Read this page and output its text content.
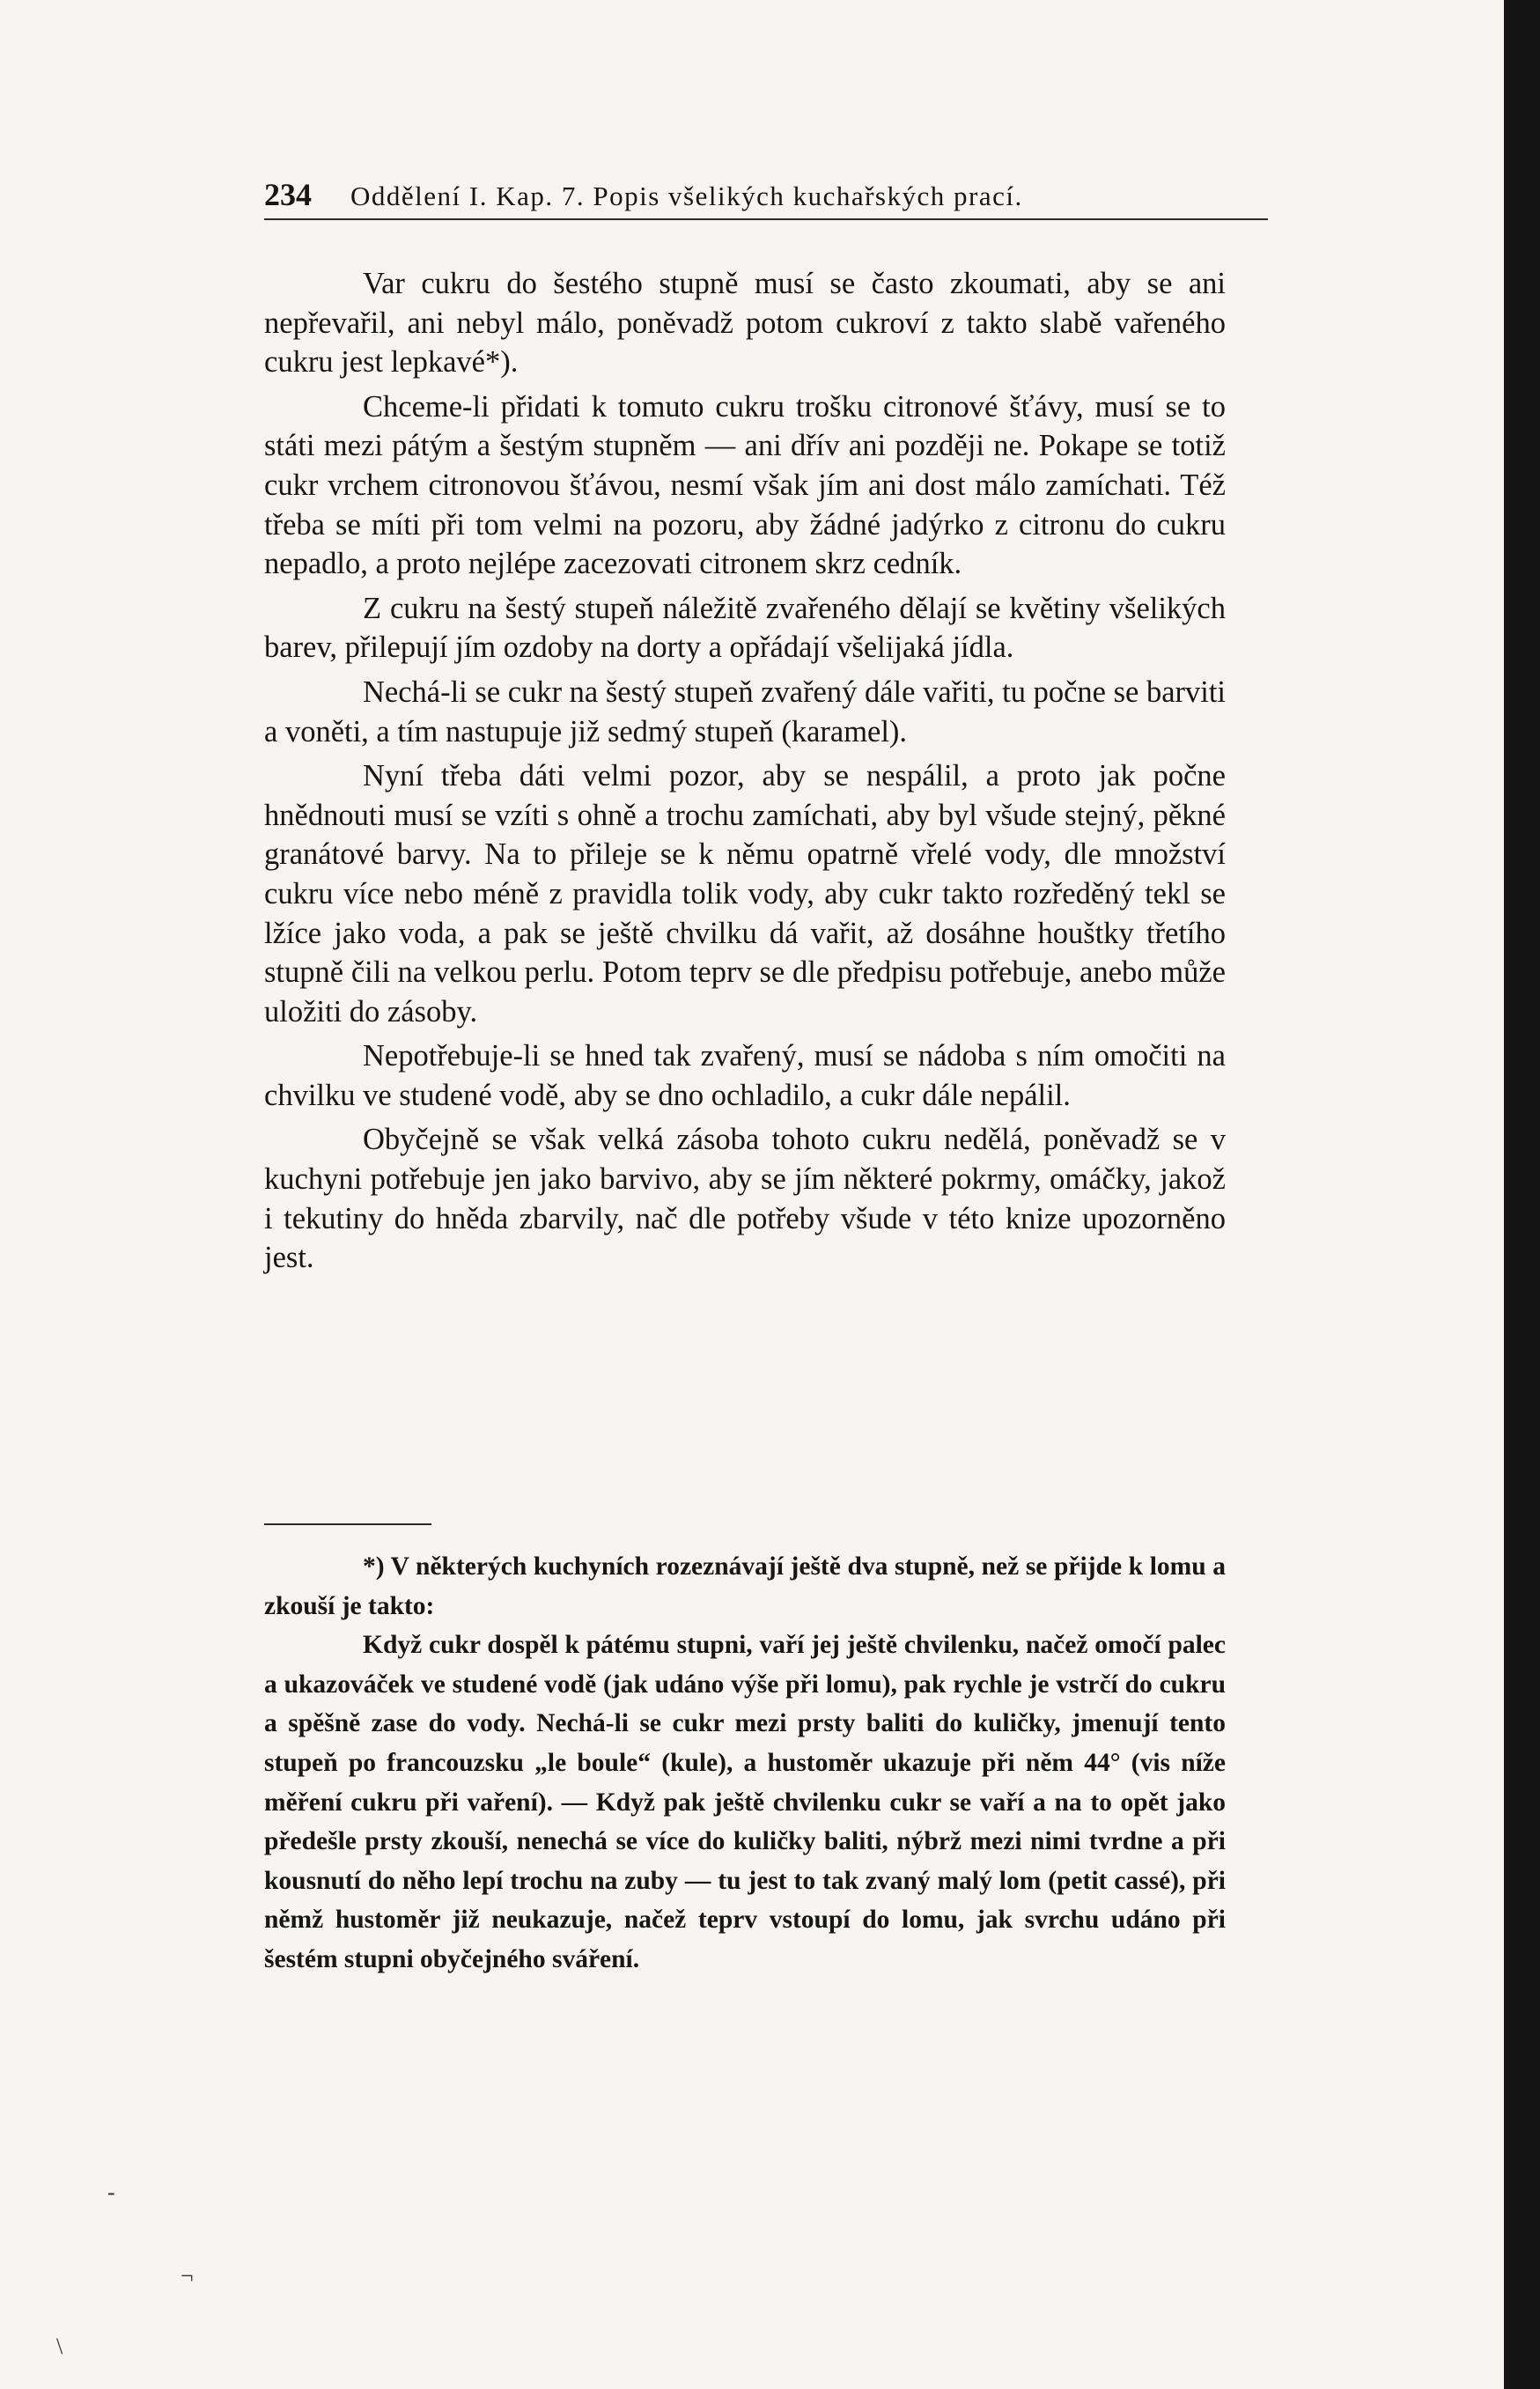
234 Oddělení I. Kap. 7. Popis všelikých kuchařských prací.

Var cukru do šestého stupně musí se často zkoumati, aby se ani nepřevařil, ani nebyl málo, poněvadž potom cukroví z takto slabě vařeného cukru jest lepkavé*).

Chceme-li přidati k tomuto cukru trošku citronové šťávy, musí se to státi mezi pátým a šestým stupněm — ani dřív ani později ne. Pokape se totiž cukr vrchem citronovou šťávou, nesmí však jím ani dost málo zamíchati. Též třeba se míti při tom velmi na pozoru, aby žádné jadýrko z citronu do cukru nepadlo, a proto nejlépe zacezovati citronem skrz cedník.

Z cukru na šestý stupeň náležitě zvařeného dělají se květiny všelikých barev, přilepují jím ozdoby na dorty a opřádají všelijaká jídla.

Nechá-li se cukr na šestý stupeň zvařený dále vařiti, tu počne se barviti a voněti, a tím nastupuje již sedmý stupeň (karamel).

Nyní třeba dáti velmi pozor, aby se nespálil, a proto jak počne hnědnouti musí se vzíti s ohně a trochu zamíchati, aby byl všude stejný, pěkné granátové barvy. Na to přileje se k němu opatrně vřelé vody, dle množství cukru více nebo méně z pravidla tolik vody, aby cukr takto rozředěný tekl se lžíce jako voda, a pak se ještě chvilku dá vařit, až dosáhne houštky třetího stupně čili na velkou perlu. Potom teprv se dle předpisu potřebuje, anebo může uložiti do zásoby.

Nepotřebuje-li se hned tak zvařený, musí se nádoba s ním omočiti na chvilku ve studené vodě, aby se dno ochladilo, a cukr dále nepálil.

Obyčejně se však velká zásoba tohoto cukru nedělá, poněvadž se v kuchyni potřebuje jen jako barvivo, aby se jím některé pokrmy, omáčky, jakož i tekutiny do hněda zbarvily, nač dle potřeby všude v této knize upozorněno jest.

*) V některých kuchyních rozeznávají ještě dva stupně, než se přijde k lomu a zkouší je takto:

Když cukr dospěl k pátému stupni, vaří jej ještě chvilenku, načež omočí palec a ukazováček ve studené vodě (jak udáno výše při lomu), pak rychle je vstrčí do cukru a spěšně zase do vody. Nechá-li se cukr mezi prsty baliti do kuličky, jmenují tento stupeň po francouzsku „le boule“ (kule), a hustoměr ukazuje při něm 44° (vis níže měření cukru při vaření). — Když pak ještě chvilenku cukr se vaří a na to opět jako předešle prsty zkouší, nenechá se více do kuličky baliti, nýbrž mezi nimi tvrdne a při kousnutí do něho lepí trochu na zuby — tu jest to tak zvaný malý lom (petit cassé), při němž hustoměr již neukazuje, načež teprv vstoupí do lomu, jak svrchu udáno při šestém stupni obyčejného sváření.

-
¬
\
